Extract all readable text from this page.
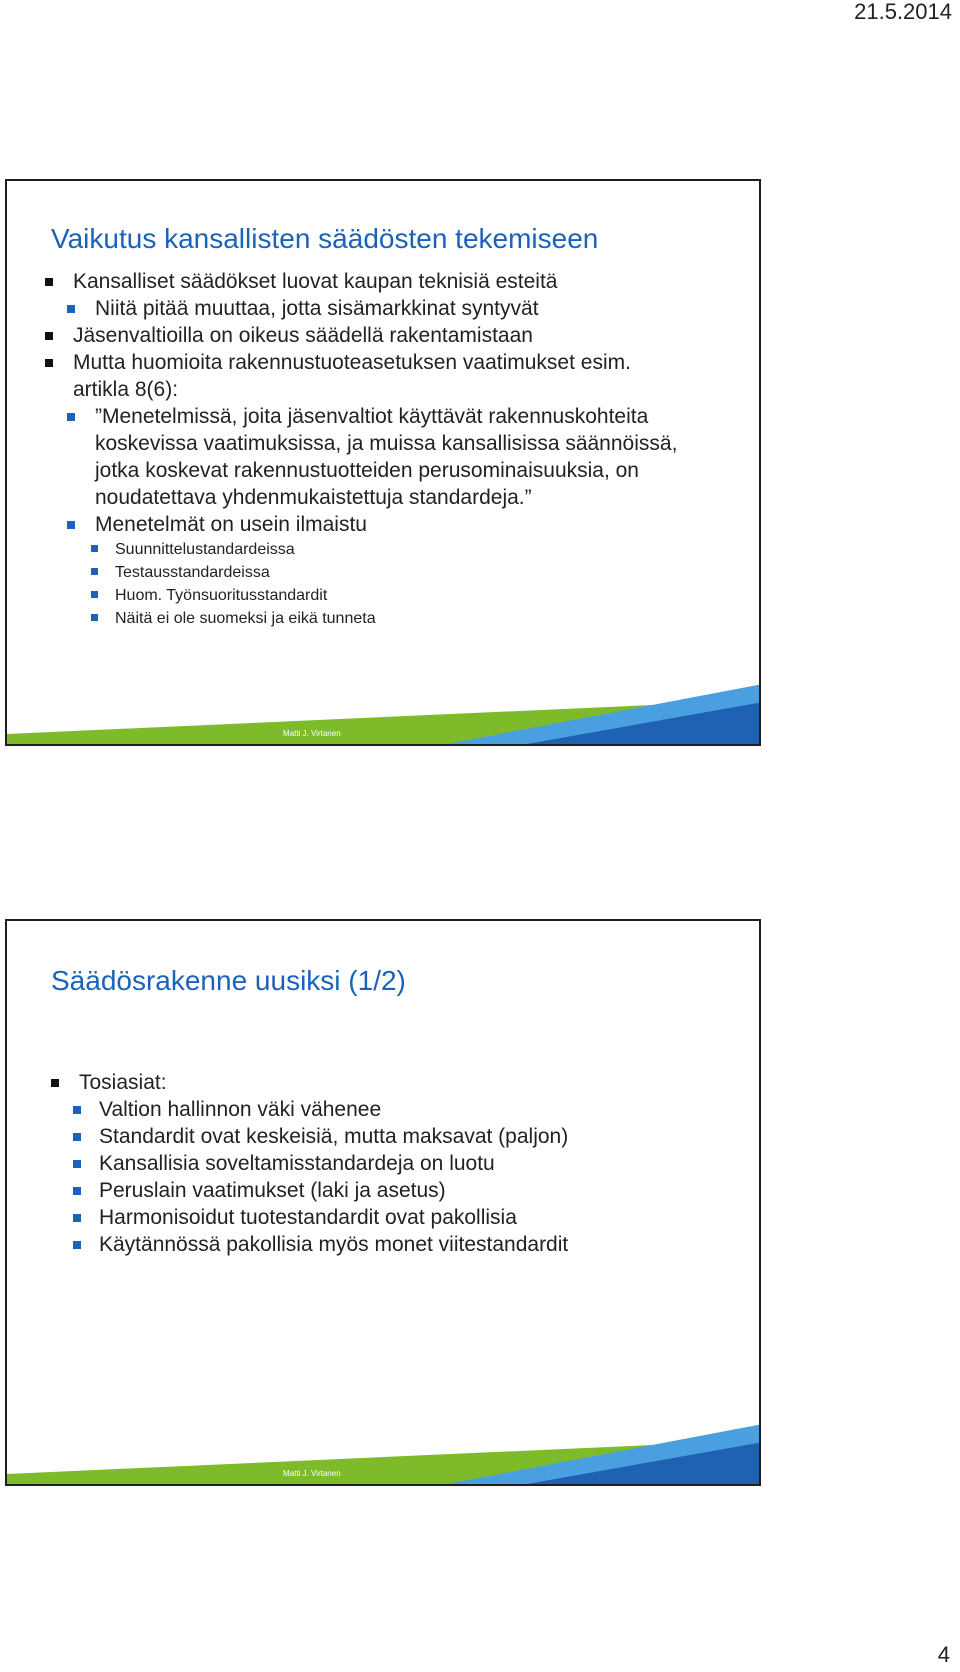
21.5.2014
Vaikutus kansallisten säädösten tekemiseen
Kansalliset säädökset luovat kaupan teknisiä esteitä
Niitä pitää muuttaa, jotta sisämarkkinat syntyvät
Jäsenvaltioilla on oikeus säädellä rakentamistaan
Mutta huomioita rakennustuoteasetuksen vaatimukset esim.
artikla 8(6):
”Menetelmissä, joita jäsenvaltiot käyttävät rakennuskohteita
koskevissa vaatimuksissa, ja muissa kansallisissa säännöissä,
jotka koskevat rakennustuotteiden perusominaisuuksia, on
noudatettava yhdenmukaistettuja standardeja.”
Menetelmät on usein ilmaistu
Suunnittelustandardeissa
Testausstandardeissa
Huom. Työnsuoritusstandardit
Näitä ei ole suomeksi ja eikä tunneta
Matti J. Virtanen
Säädösrakenne uusiksi (1/2)
Tosiasiat:
Valtion hallinnon väki vähenee
Standardit ovat keskeisiä, mutta maksavat (paljon)
Kansallisia soveltamisstandardeja on luotu
Peruslain vaatimukset (laki ja asetus)
Harmonisoidut tuotestandardit ovat pakollisia
Käytännössä pakollisia myös monet viitestandardit
Matti J. Virtanen
4
